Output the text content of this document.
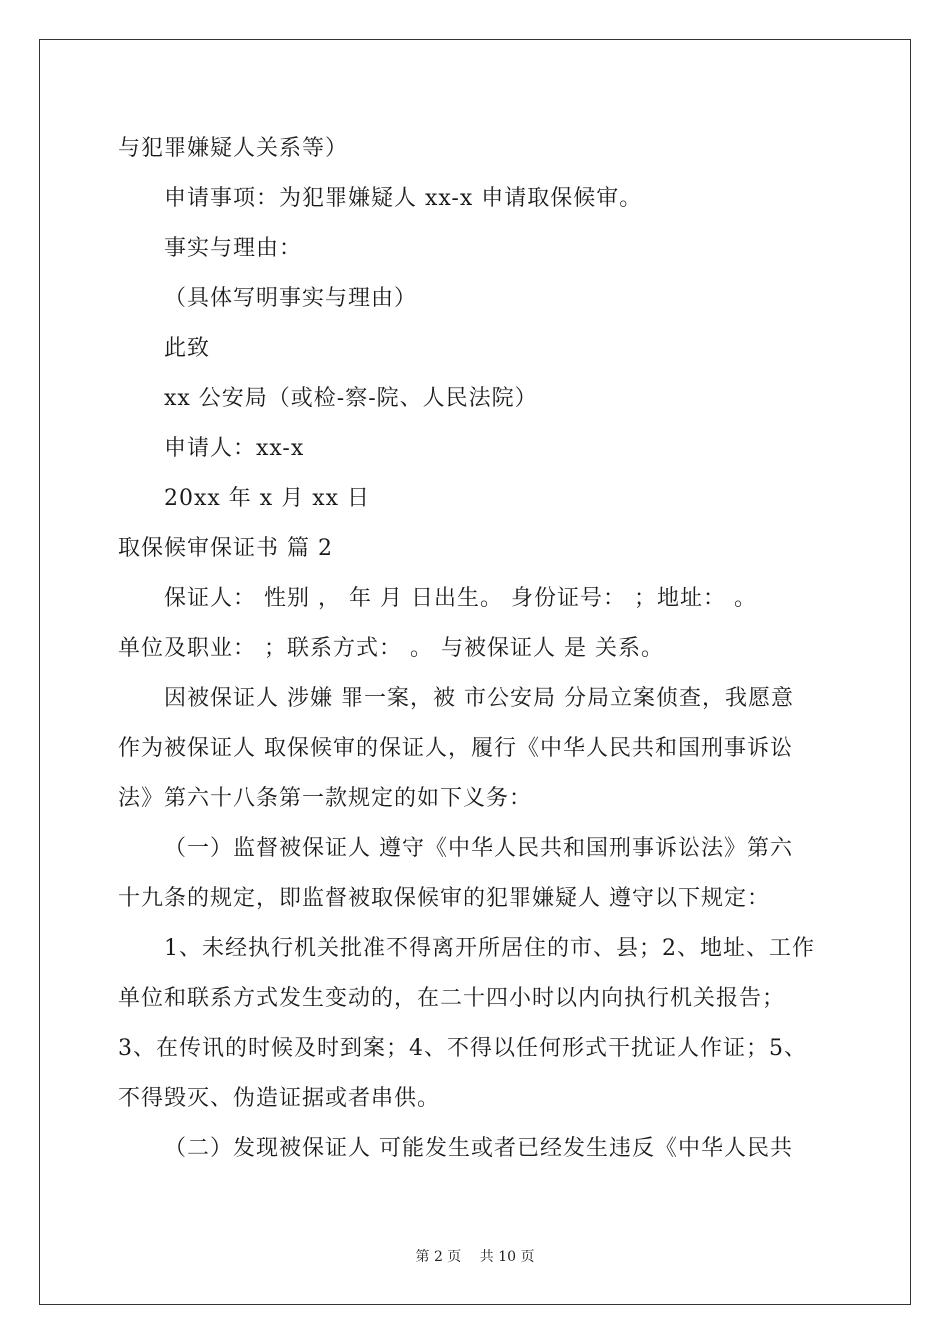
与犯罪嫌疑人关系等）
申请事项：为犯罪嫌疑人 xx-x 申请取保候审。
事实与理由：
（具体写明事实与理由）
此致
xx 公安局（或检-察-院、人民法院）
申请人：xx-x
20xx 年 x 月 xx 日
取保候审保证书 篇 2
保证人： 性别 ， 年 月 日出生。 身份证号： ；地址： 。
单位及职业： ；联系方式： 。 与被保证人 是 关系。
因被保证人 涉嫌 罪一案，被 市公安局 分局立案侦查，我愿意
作为被保证人 取保候审的保证人，履行《中华人民共和国刑事诉讼
法》第六十八条第一款规定的如下义务：
（一）监督被保证人 遵守《中华人民共和国刑事诉讼法》第六
十九条的规定，即监督被取保候审的犯罪嫌疑人 遵守以下规定：
1、未经执行机关批准不得离开所居住的市、县；2、地址、工作
单位和联系方式发生变动的，在二十四小时以内向执行机关报告；
3、在传讯的时候及时到案；4、不得以任何形式干扰证人作证；5、
不得毁灭、伪造证据或者串供。
（二）发现被保证人 可能发生或者已经发生违反《中华人民共
第 2 页　 共 10 页
